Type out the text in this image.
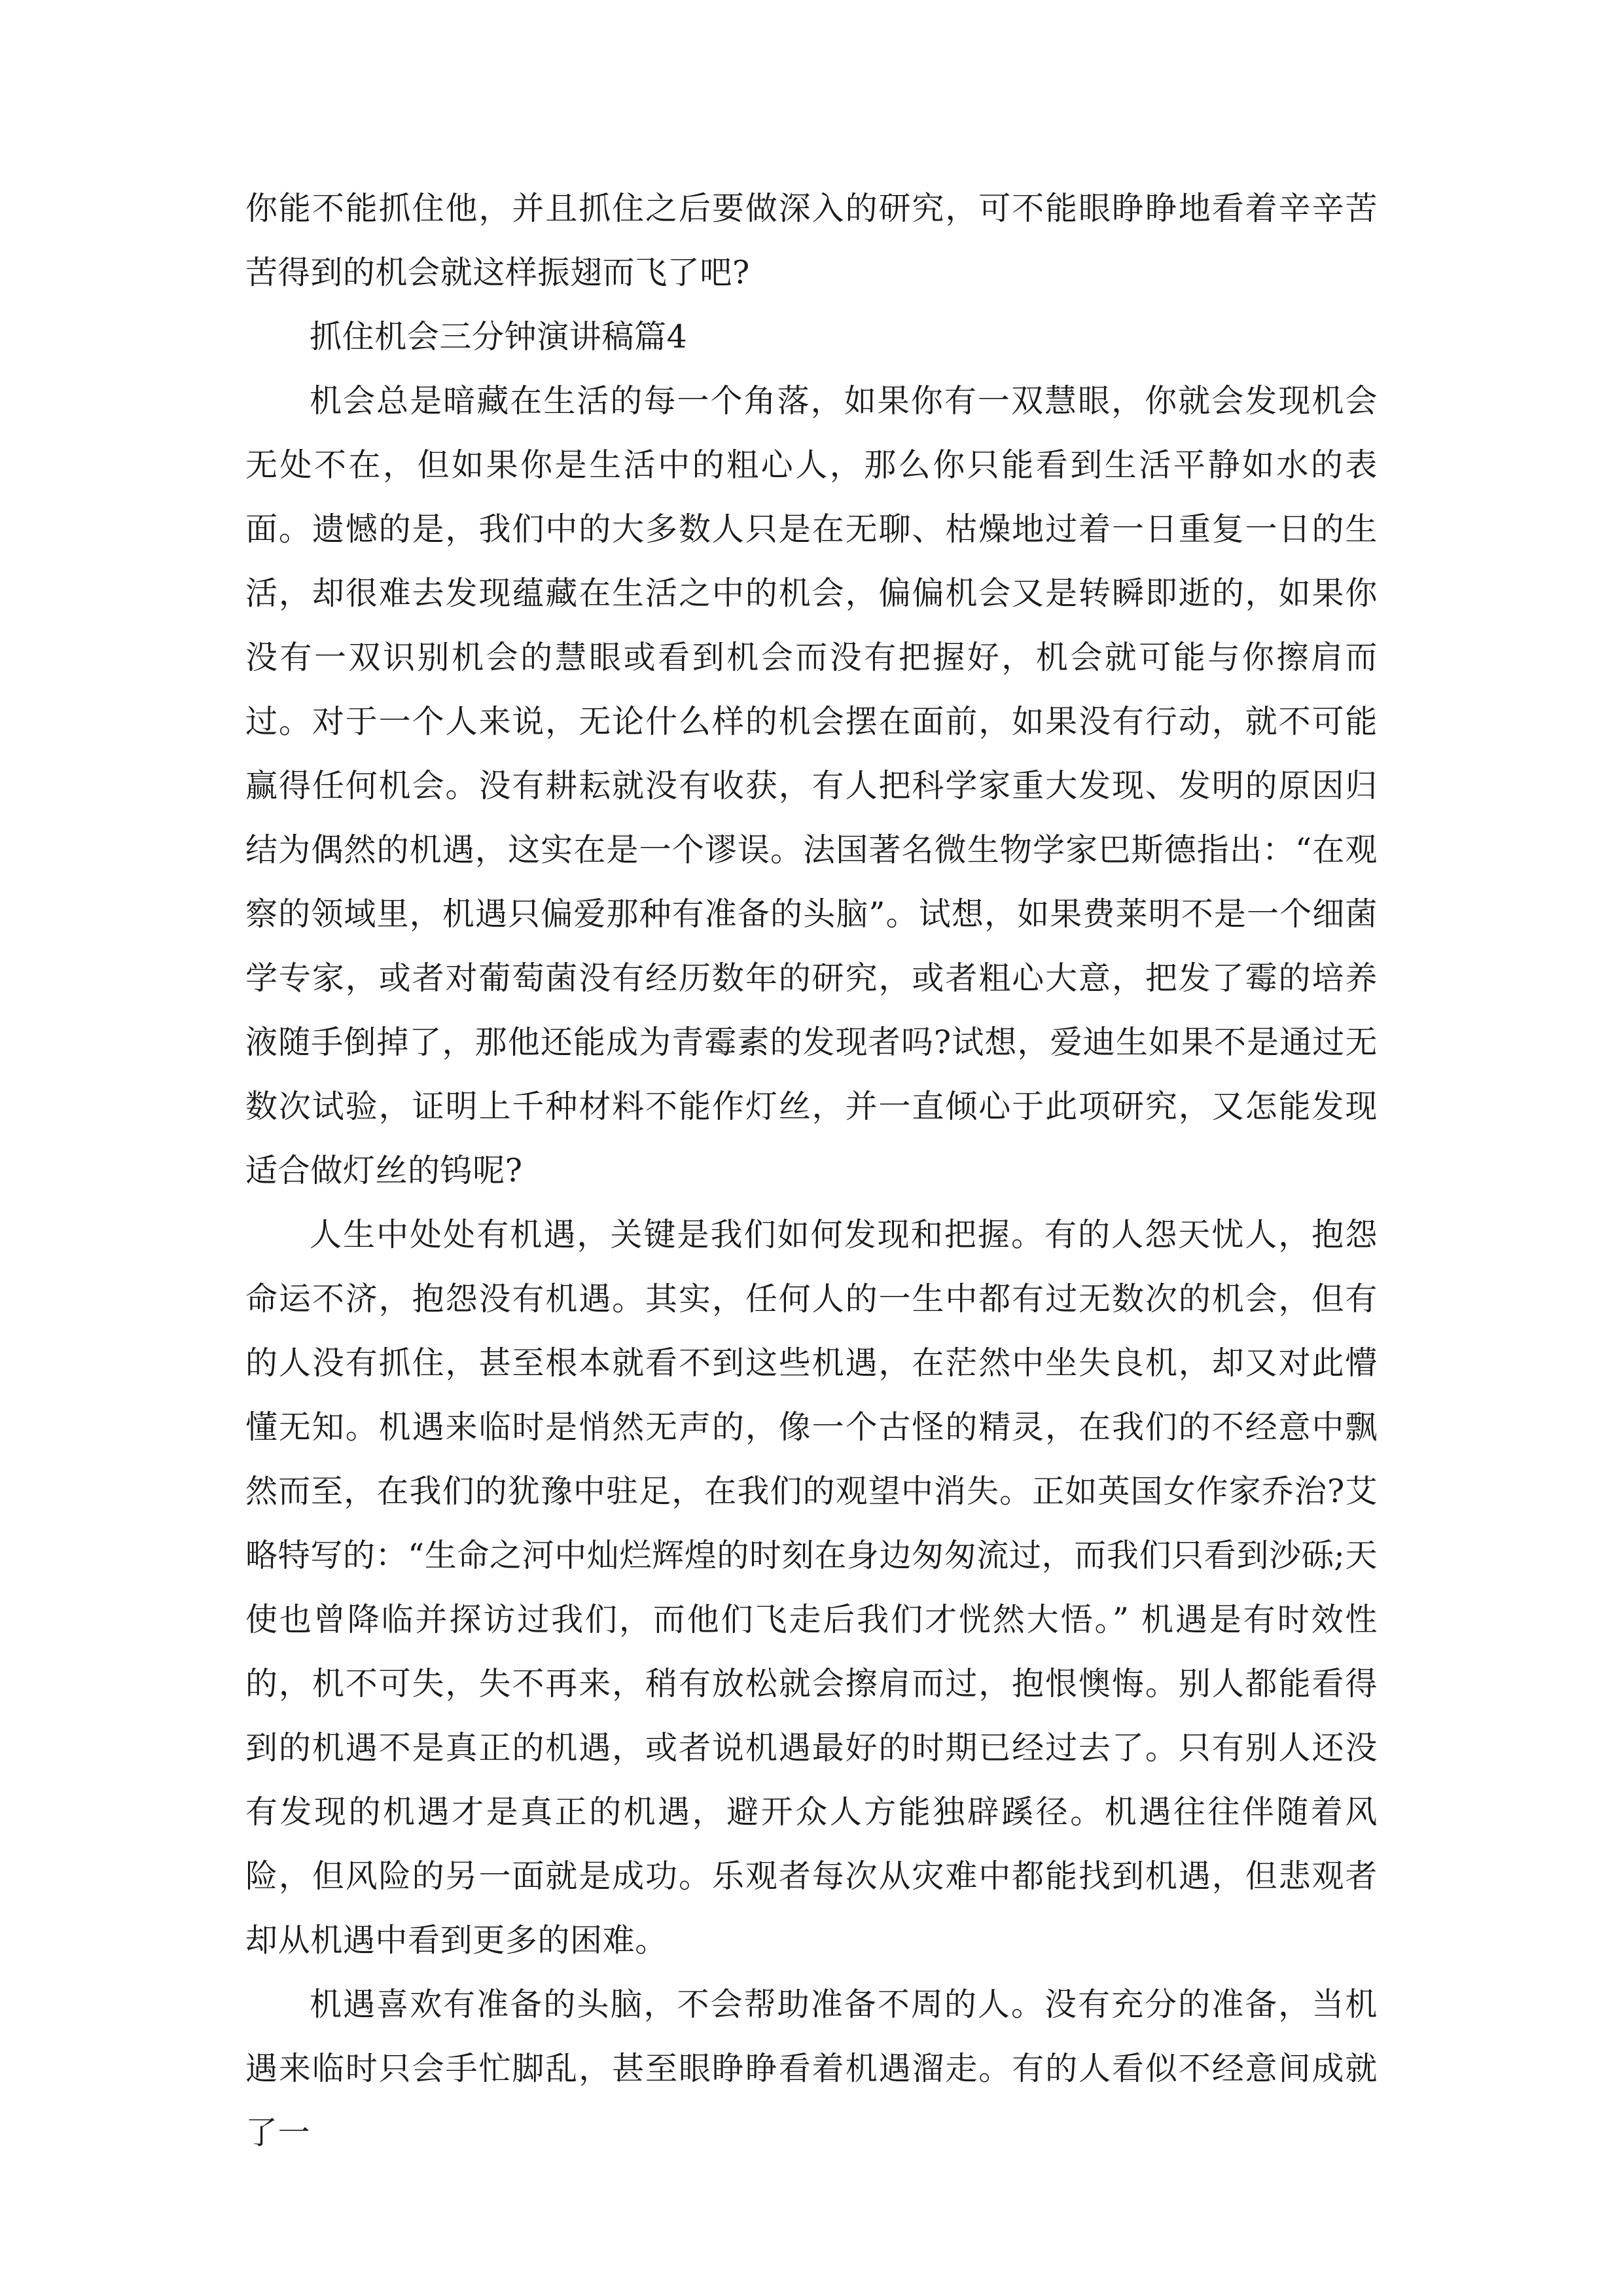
你能不能抓住他，并且抓住之后要做深入的研究，可不能眼睁睁地看着辛辛苦苦得到的机会就这样振翅而飞了吧?

抓住机会三分钟演讲稿篇4

机会总是暗藏在生活的每一个角落，如果你有一双慧眼，你就会发现机会无处不在，但如果你是生活中的粗心人，那么你只能看到生活平静如水的表面。遗憾的是，我们中的大多数人只是在无聊、枯燥地过着一日重复一日的生活，却很难去发现蕴藏在生活之中的机会，偏偏机会又是转瞬即逝的，如果你没有一双识别机会的慧眼或看到机会而没有把握好，机会就可能与你擦肩而过。对于一个人来说，无论什么样的机会摆在面前，如果没有行动，就不可能赢得任何机会。没有耕耘就没有收获，有人把科学家重大发现、发明的原因归结为偶然的机遇，这实在是一个谬误。法国著名微生物学家巴斯德指出：“在观察的领域里，机遇只偏爱那种有准备的头脑”。试想，如果费莱明不是一个细菌学专家，或者对葡萄菌没有经历数年的研究，或者粗心大意，把发了霉的培养液随手倒掉了，那他还能成为青霉素的发现者吗?试想，爱迪生如果不是通过无数次试验，证明上千种材料不能作灯丝，并一直倾心于此项研究，又怎能发现适合做灯丝的钨呢?

人生中处处有机遇，关键是我们如何发现和把握。有的人怨天忧人，抱怨命运不济，抱怨没有机遇。其实，任何人的一生中都有过无数次的机会，但有的人没有抓住，甚至根本就看不到这些机遇，在茫然中坐失良机，却又对此懵懂无知。机遇来临时是悄然无声的，像一个古怪的精灵，在我们的不经意中飘然而至，在我们的犹豫中驻足，在我们的观望中消失。正如英国女作家乔治?艾略特写的：“生命之河中灿烂辉煌的时刻在身边匆匆流过，而我们只看到沙砾;天使也曾降临并探访过我们，而他们飞走后我们才恍然大悟。” 机遇是有时效性的，机不可失，失不再来，稍有放松就会擦肩而过，抱恨懊悔。别人都能看得到的机遇不是真正的机遇，或者说机遇最好的时期已经过去了。只有别人还没有发现的机遇才是真正的机遇，避开众人方能独辟蹊径。机遇往往伴随着风险，但风险的另一面就是成功。乐观者每次从灾难中都能找到机遇，但悲观者却从机遇中看到更多的困难。

机遇喜欢有准备的头脑，不会帮助准备不周的人。没有充分的准备，当机遇来临时只会手忙脚乱，甚至眼睁睁看着机遇溜走。有的人看似不经意间成就了一
